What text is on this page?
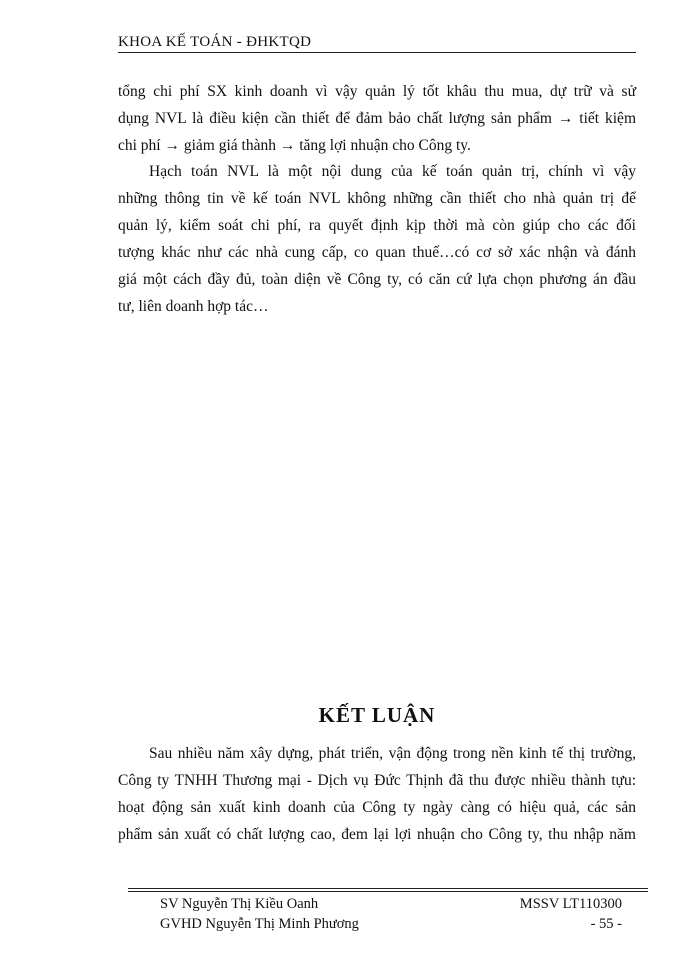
KHOA KẾ TOÁN - ĐHKTQD
tổng chi phí SX kinh doanh vì vậy quản lý tốt khâu thu mua, dự trữ và sử
dụng NVL là điều kiện cần thiết để đảm bảo chất lượng sản phẩm → tiết kiệm
chi phí → giảm giá thành → tăng lợi nhuận cho Công ty.
Hạch toán NVL là một nội dung của kế toán quản trị, chính vì vậy
những thông tin về kế toán NVL không những cần thiết cho nhà quản trị để
quản lý, kiểm soát chi phí, ra quyết định kịp thời mà còn giúp cho các đối
tượng khác như các nhà cung cấp, co quan thuế…có cơ sở xác nhận và đánh
giá một cách đầy đủ, toàn diện về Công ty, có căn cứ lựa chọn phương án đầu
tư, liên doanh hợp tác…
KẾT LUẬN
Sau nhiều năm xây dựng, phát triển, vận động trong nền kinh tế thị trường,
Công ty TNHH Thương mại - Dịch vụ Đức Thịnh đã thu được nhiều thành tựu:
hoạt động sản xuất kinh doanh của Công ty ngày càng có hiệu quả, các sản
phẩm sản xuất có chất lượng cao, đem lại lợi nhuận cho Công ty, thu nhập năm
SV Nguyễn Thị Kiều Oanh
GVHD Nguyễn Thị Minh Phương
MSSV LT110300
- 55 -
